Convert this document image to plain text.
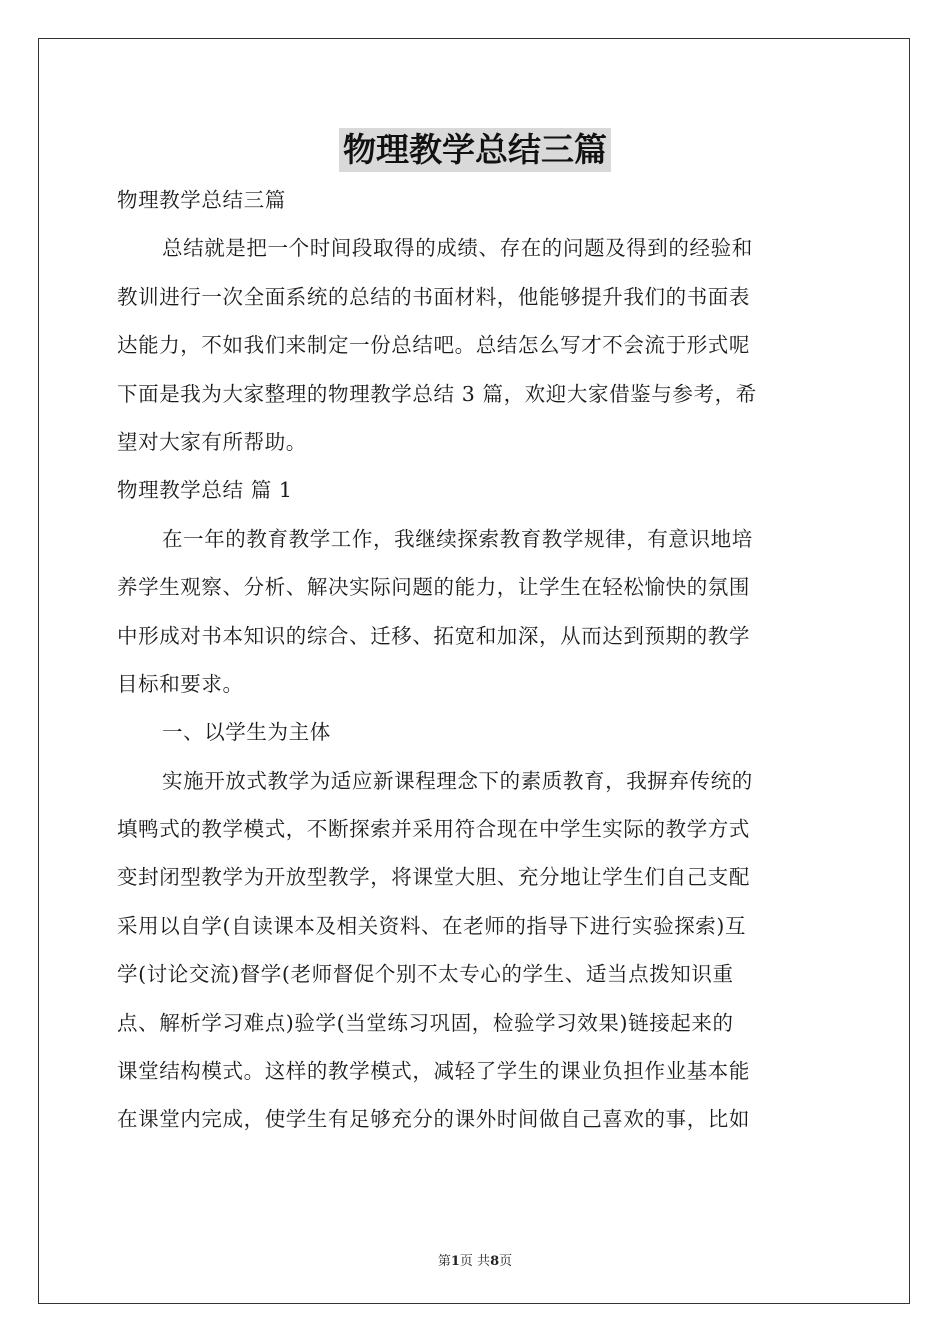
物理教学总结三篇
物理教学总结三篇
总结就是把一个时间段取得的成绩、存在的问题及得到的经验和
教训进行一次全面系统的总结的书面材料，他能够提升我们的书面表
达能力，不如我们来制定一份总结吧。总结怎么写才不会流于形式呢
下面是我为大家整理的物理教学总结 3 篇，欢迎大家借鉴与参考，希
望对大家有所帮助。
物理教学总结 篇 1
在一年的教育教学工作，我继续探索教育教学规律，有意识地培
养学生观察、分析、解决实际问题的能力，让学生在轻松愉快的氛围
中形成对书本知识的综合、迁移、拓宽和加深，从而达到预期的教学
目标和要求。
一、以学生为主体
实施开放式教学为适应新课程理念下的素质教育，我摒弃传统的
填鸭式的教学模式，不断探索并采用符合现在中学生实际的教学方式
变封闭型教学为开放型教学，将课堂大胆、充分地让学生们自己支配
采用以自学(自读课本及相关资料、在老师的指导下进行实验探索)互
学(讨论交流)督学(老师督促个别不太专心的学生、适当点拨知识重
点、解析学习难点)验学(当堂练习巩固，检验学习效果)链接起来的
课堂结构模式。这样的教学模式，减轻了学生的课业负担作业基本能
在课堂内完成，使学生有足够充分的课外时间做自己喜欢的事，比如
第1页 共8页
